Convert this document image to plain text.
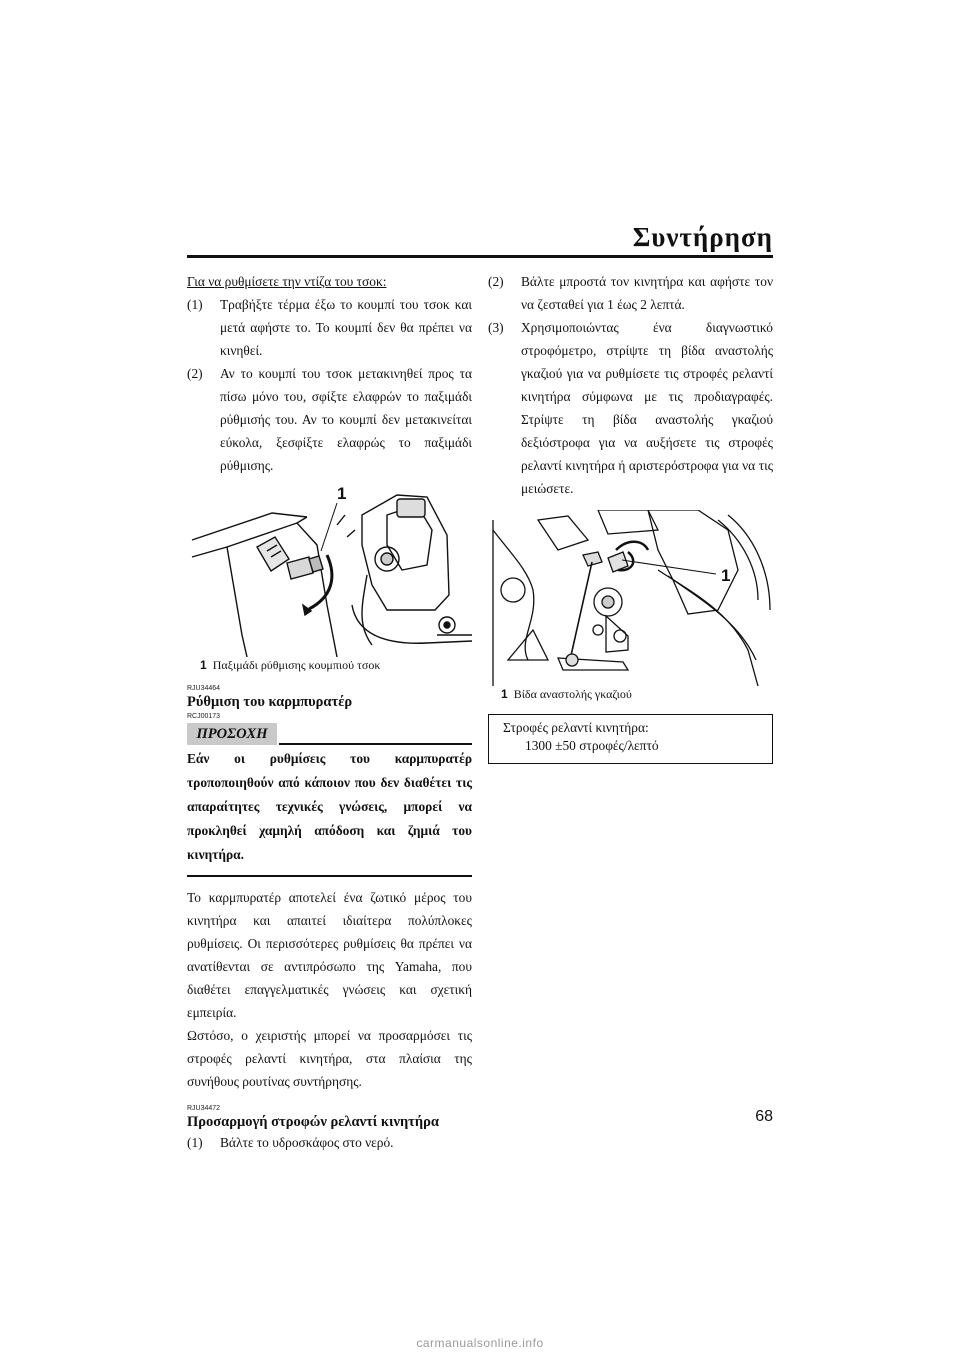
Συντήρηση

Για να ρυθμίσετε την ντίζα του τσοκ:

(1)	Τραβήξτε τέρμα έξω το κουμπί του τσοκ και μετά αφήστε το. Το κουμπί δεν θα πρέπει να κινηθεί.
(2)	Αν το κουμπί του τσοκ μετακινηθεί προς τα πίσω μόνο του, σφίξτε ελαφρών το παξιμάδι ρύθμισής του. Αν το κουμπί δεν μετακινείται εύκολα, ξεσφίξτε ελαφρώς το παξιμάδι ρύθμισης.
1
1 Παξιμάδι ρύθμισης κουμπιού τσοκ
RJU34464
Ρύθμιση του καρμπυρατέρ
RCJ00173
ΠΡΟΣΟΧΗ

Εάν οι ρυθμίσεις του καρμπυρατέρ τροποποιηθούν από κάποιον που δεν διαθέτει τις απαραίτητες τεχνικές γνώσεις, μπορεί να προκληθεί χαμηλή απόδοση και ζημιά του κινητήρα.

Το καρμπυρατέρ αποτελεί ένα ζωτικό μέρος του κινητήρα και απαιτεί ιδιαίτερα πολύπλοκες ρυθμίσεις. Οι περισσότερες ρυθμίσεις θα πρέπει να ανατίθενται σε αντιπρόσωπο της Yamaha, που διαθέτει επαγγελματικές γνώσεις και σχετική εμπειρία.

Ωστόσο, ο χειριστής μπορεί να προσαρμόσει τις στροφές ρελαντί κινητήρα, στα πλαίσια της συνήθους ρουτίνας συντήρησης.

RJU34472
Προσαρμογή στροφών ρελαντί κινητήρα
(1)	Βάλτε το υδροσκάφος στο νερό.
(2)	Βάλτε μπροστά τον κινητήρα και αφήστε τον να ζεσταθεί για 1 έως 2 λεπτά.
(3)	Χρησιμοποιώντας ένα διαγνωστικό στροφόμετρο, στρίψτε τη βίδα αναστολής γκαζιού για να ρυθμίσετε τις στροφές ρελαντί κινητήρα σύμφωνα με τις προδιαγραφές. Στρίψτε τη βίδα αναστολής γκαζιού δεξιόστροφα για να αυξήσετε τις στροφές ρελαντί κινητήρα ή αριστερόστροφα για να τις μειώσετε.
1
1 Βίδα αναστολής γκαζιού
Στροφές ρελαντί κινητήρα:
1300 ±50 στροφές/λεπτό
68
carmanualsonline.info
